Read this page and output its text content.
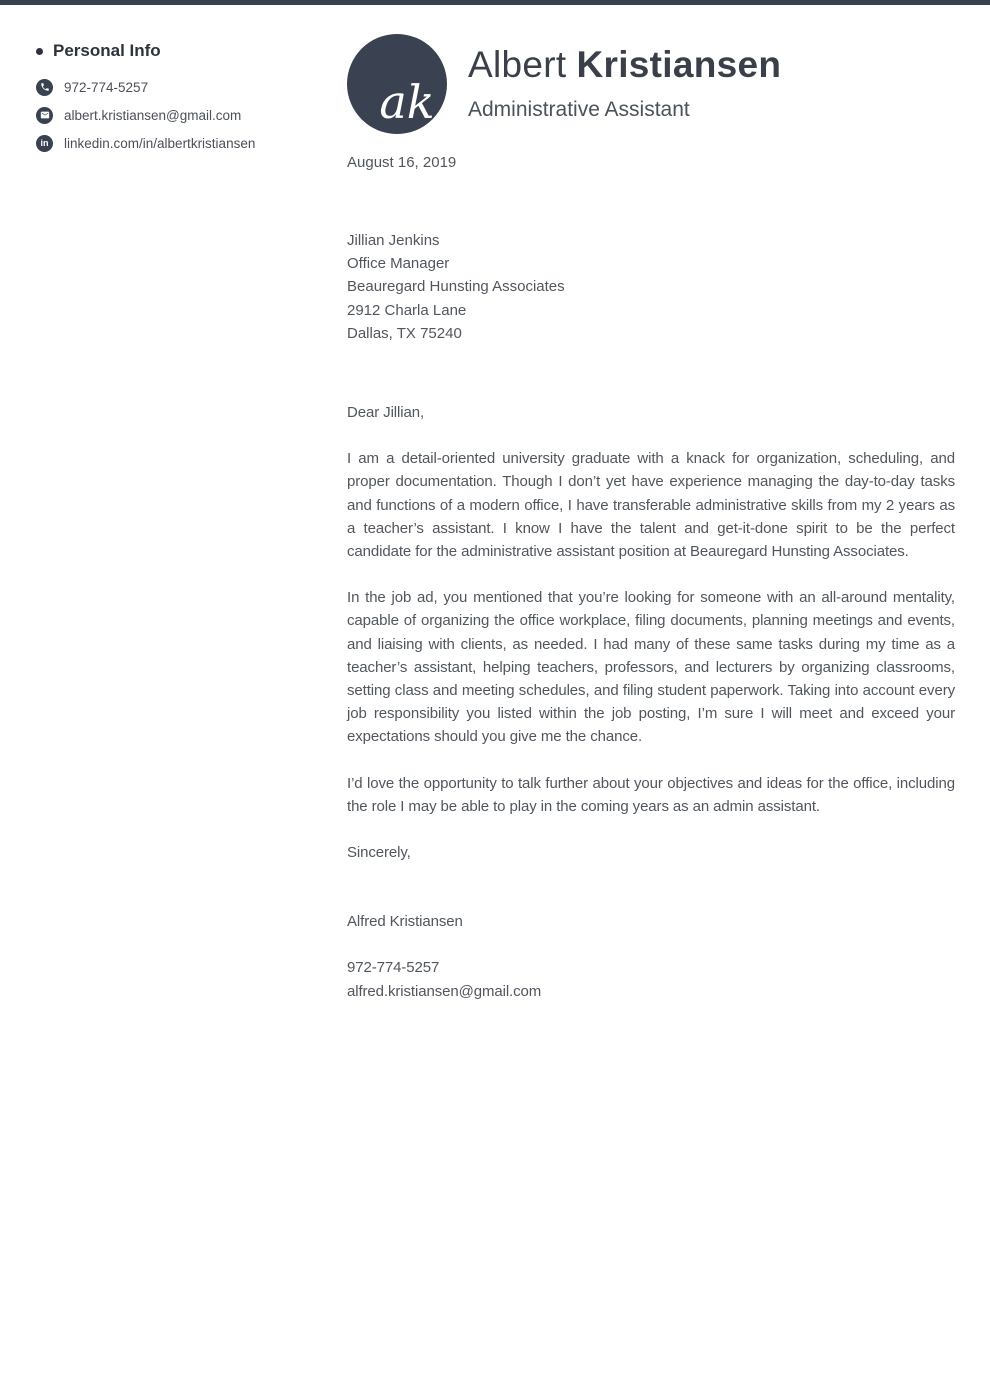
Personal Info
972-774-5257
albert.kristiansen@gmail.com
in linkedin.com/in/albertkristiansen
ak
Albert Kristiansen
Administrative Assistant
August 16, 2019
Jillian Jenkins
Office Manager
Beauregard Hunsting Associates
2912 Charla Lane
Dallas, TX 75240
Dear Jillian,

I am a detail-oriented university graduate with a knack for organization, scheduling, and proper documentation. Though I don’t yet have experience managing the day-to-day tasks and functions of a modern office, I have transferable administrative skills from my 2 years as a teacher’s assistant. I know I have the talent and get-it-done spirit to be the perfect candidate for the administrative assistant position at Beauregard Hunsting Associates.

In the job ad, you mentioned that you’re looking for someone with an all-around mentality, capable of organizing the office workplace, filing documents, planning meetings and events, and liaising with clients, as needed. I had many of these same tasks during my time as a teacher’s assistant, helping teachers, professors, and lecturers by organizing classrooms, setting class and meeting schedules, and filing student paperwork. Taking into account every job responsibility you listed within the job posting, I’m sure I will meet and exceed your expectations should you give me the chance.

I’d love the opportunity to talk further about your objectives and ideas for the office, including the role I may be able to play in the coming years as an admin assistant.

Sincerely,
Alfred Kristiansen
972-774-5257
alfred.kristiansen@gmail.com
